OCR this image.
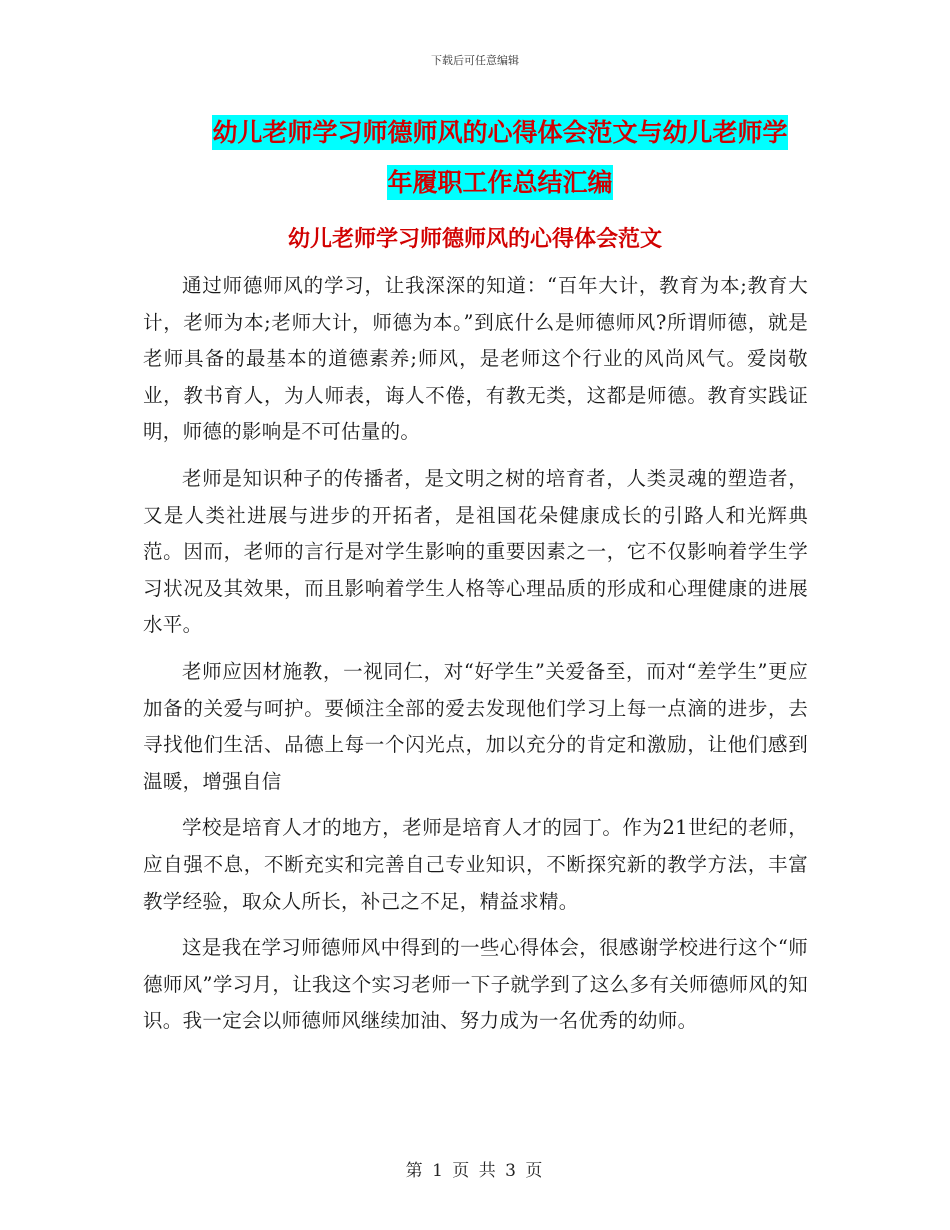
下载后可任意编辑
幼儿老师学习师德师风的心得体会范文与幼儿老师学
年履职工作总结汇编
幼儿老师学习师德师风的心得体会范文

通过师德师风的学习，让我深深的知道：“百年大计，教育为本;教育大计，老师为本;老师大计，师德为本。”到底什么是师德师风?所谓师德，就是老师具备的最基本的道德素养;师风，是老师这个行业的风尚风气。爱岗敬业，教书育人，为人师表，诲人不倦，有教无类，这都是师德。教育实践证明，师德的影响是不可估量的。

老师是知识种子的传播者，是文明之树的培育者，人类灵魂的塑造者，又是人类社进展与进步的开拓者，是祖国花朵健康成长的引路人和光辉典范。因而，老师的言行是对学生影响的重要因素之一，它不仅影响着学生学习状况及其效果，而且影响着学生人格等心理品质的形成和心理健康的进展水平。

老师应因材施教，一视同仁，对“好学生”关爱备至，而对“差学生”更应加备的关爱与呵护。要倾注全部的爱去发现他们学习上每一点滴的进步，去寻找他们生活、品德上每一个闪光点，加以充分的肯定和激励，让他们感到温暖，增强自信

学校是培育人才的地方，老师是培育人才的园丁。作为21世纪的老师，应自强不息，不断充实和完善自己专业知识，不断探究新的教学方法，丰富教学经验，取众人所长，补己之不足，精益求精。

这是我在学习师德师风中得到的一些心得体会，很感谢学校进行这个“师德师风”学习月，让我这个实习老师一下子就学到了这么多有关师德师风的知识。我一定会以师德师风继续加油、努力成为一名优秀的幼师。

第 1 页 共 3 页
